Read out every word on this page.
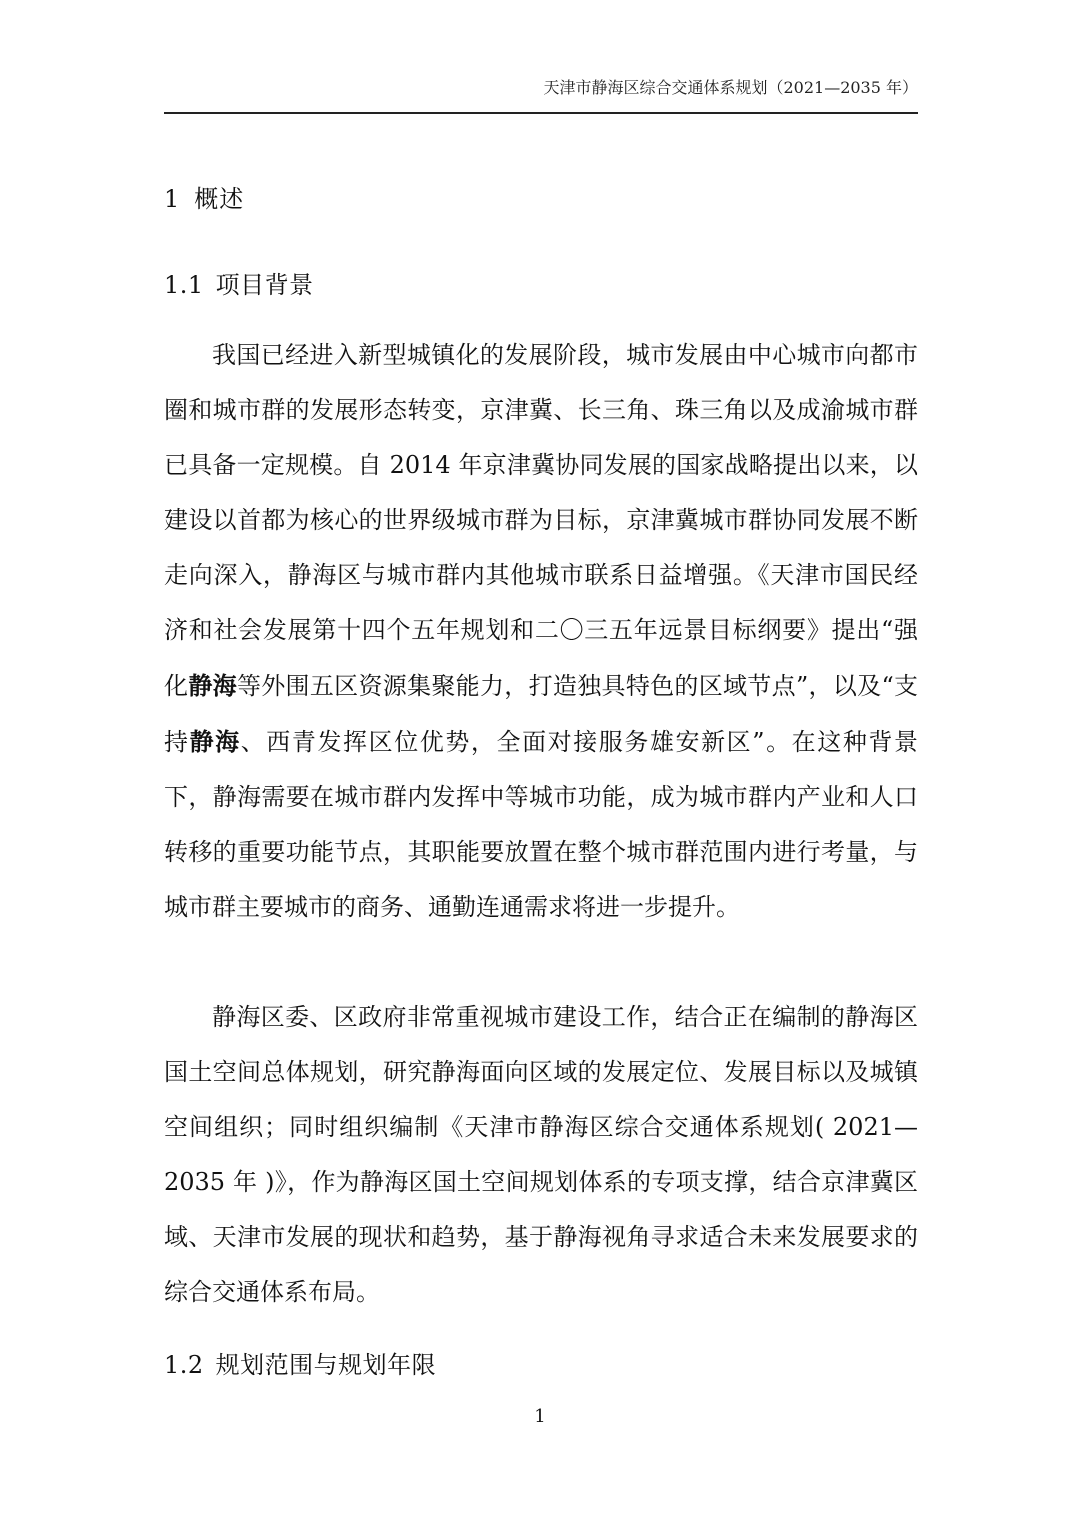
天津市静海区综合交通体系规划（2021—2035 年）
1 概述
1.1 项目背景

我国已经进入新型城镇化的发展阶段，城市发展由中心城市向都市圈和城市群的发展形态转变，京津冀、长三角、珠三角以及成渝城市群已具备一定规模。自 2014 年京津冀协同发展的国家战略提出以来，以建设以首都为核心的世界级城市群为目标，京津冀城市群协同发展不断走向深入，静海区与城市群内其他城市联系日益增强。《天津市国民经济和社会发展第十四个五年规划和二〇三五年远景目标纲要》提出“强化静海等外围五区资源集聚能力，打造独具特色的区域节点”，以及“支持静海、西青发挥区位优势，全面对接服务雄安新区”。在这种背景下，静海需要在城市群内发挥中等城市功能，成为城市群内产业和人口转移的重要功能节点，其职能要放置在整个城市群范围内进行考量，与城市群主要城市的商务、通勤连通需求将进一步提升。

静海区委、区政府非常重视城市建设工作，结合正在编制的静海区国土空间总体规划，研究静海面向区域的发展定位、发展目标以及城镇空间组织；同时组织编制《天津市静海区综合交通体系规划( 2021—2035 年 )》，作为静海区国土空间规划体系的专项支撑，结合京津冀区域、天津市发展的现状和趋势，基于静海视角寻求适合未来发展要求的综合交通体系布局。

1.2 规划范围与规划年限
1
